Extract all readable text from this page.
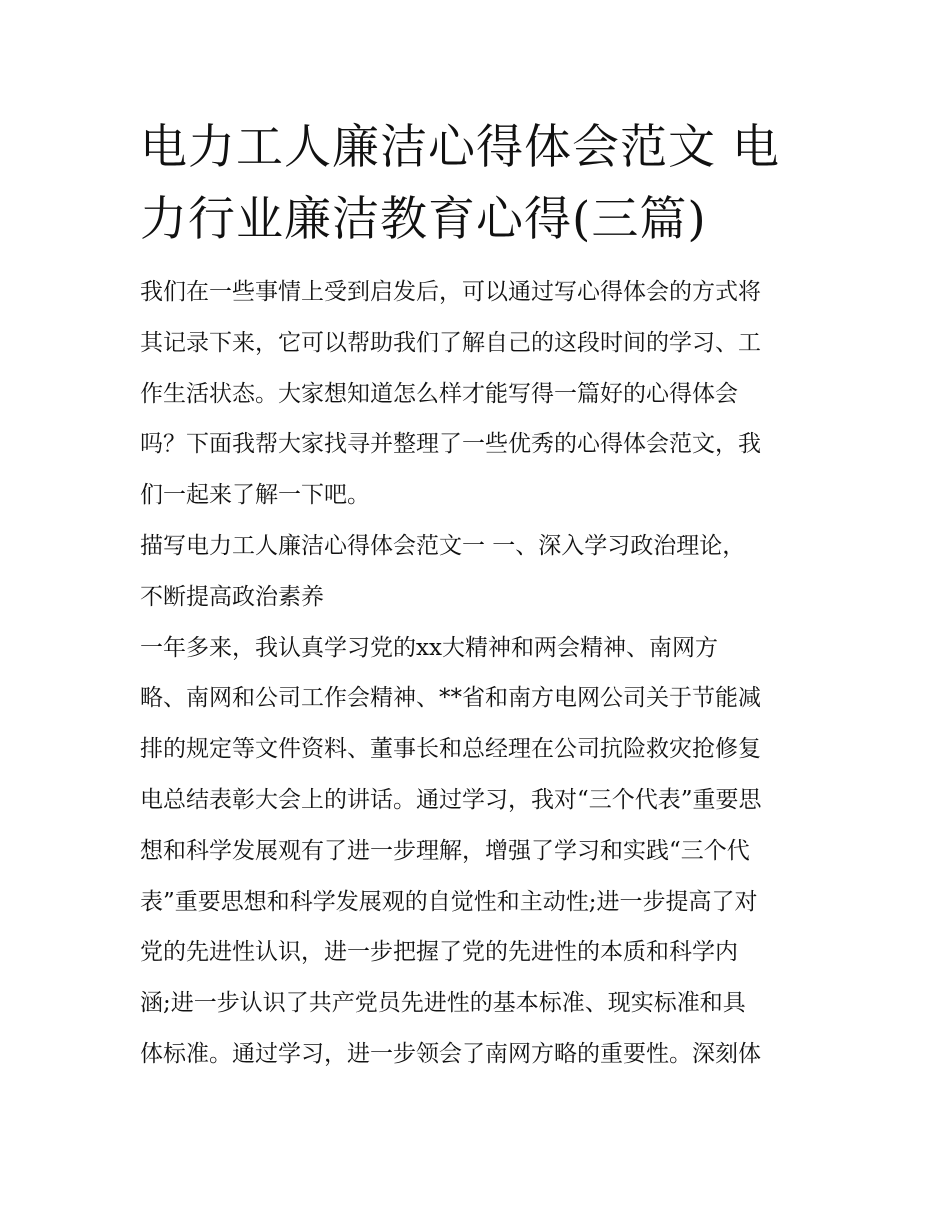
电力工人廉洁心得体会范文 电
力行业廉洁教育心得(三篇)
我们在一些事情上受到启发后，可以通过写心得体会的方式将
其记录下来，它可以帮助我们了解自己的这段时间的学习、工
作生活状态。大家想知道怎么样才能写得一篇好的心得体会
吗？下面我帮大家找寻并整理了一些优秀的心得体会范文，我
们一起来了解一下吧。
描写电力工人廉洁心得体会范文一 一、深入学习政治理论，
不断提高政治素养
一年多来，我认真学习党的xx大精神和两会精神、南网方
略、南网和公司工作会精神、**省和南方电网公司关于节能减
排的规定等文件资料、董事长和总经理在公司抗险救灾抢修复
电总结表彰大会上的讲话。通过学习，我对“三个代表”重要思
想和科学发展观有了进一步理解，增强了学习和实践“三个代
表”重要思想和科学发展观的自觉性和主动性;进一步提高了对
党的先进性认识，进一步把握了党的先进性的本质和科学内
涵;进一步认识了共产党员先进性的基本标准、现实标准和具
体标准。通过学习，进一步领会了南网方略的重要性。深刻体
